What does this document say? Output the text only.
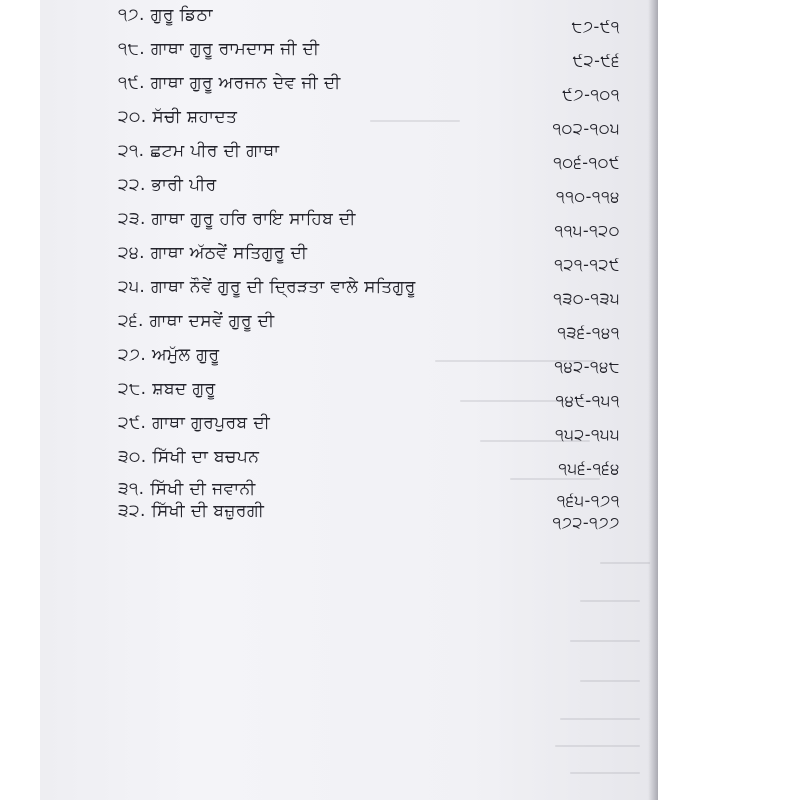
੧੭. ਗੁਰੂ ਡਿਠਾ
੮੭-੯੧
੧੮. ਗਾਥਾ ਗੁਰੂ ਰਾਮਦਾਸ ਜੀ ਦੀ
੯੨-੯੬
੧੯. ਗਾਥਾ ਗੁਰੂ ਅਰਜਨ ਦੇਵ ਜੀ ਦੀ
੯੭-੧੦੧
੨੦. ਸੱਚੀ ਸ਼ਹਾਦਤ
੧੦੨-੧੦੫
੨੧. ਛਟਮ ਪੀਰ ਦੀ ਗਾਥਾ
੧੦੬-੧੦੯
੨੨. ਭਾਰੀ ਪੀਰ
੧੧੦-੧੧੪
੨੩. ਗਾਥਾ ਗੁਰੂ ਹਰਿ ਰਾਇ ਸਾਹਿਬ ਦੀ
੧੧੫-੧੨੦
੨੪. ਗਾਥਾ ਅੱਠਵੇਂ ਸਤਿਗੁਰੂ ਦੀ
੧੨੧-੧੨੯
੨੫. ਗਾਥਾ ਨੌਵੇਂ ਗੁਰੂ ਦੀ ਦ੍ਰਿੜਤਾ ਵਾਲੇ ਸਤਿਗੁਰੂ
੧੩੦-੧੩੫
੨੬. ਗਾਥਾ ਦਸਵੇਂ ਗੁਰੂ ਦੀ
੧੩੬-੧੪੧
੨੭. ਅਮੁੱਲ ਗੁਰੂ
੧੪੨-੧੪੮
੨੮. ਸ਼ਬਦ ਗੁਰੂ
੧੪੯-੧੫੧
੨੯. ਗਾਥਾ ਗੁਰਪੁਰਬ ਦੀ
੧੫੨-੧੫੫
੩੦. ਸਿੱਖੀ ਦਾ ਬਚਪਨ
੧੫੬-੧੬੪
੩੧. ਸਿੱਖੀ ਦੀ ਜਵਾਨੀ
੧੬੫-੧੭੧
੩੨. ਸਿੱਖੀ ਦੀ ਬਜ਼ੁਰਗੀ
੧੭੨-੧੭੭
